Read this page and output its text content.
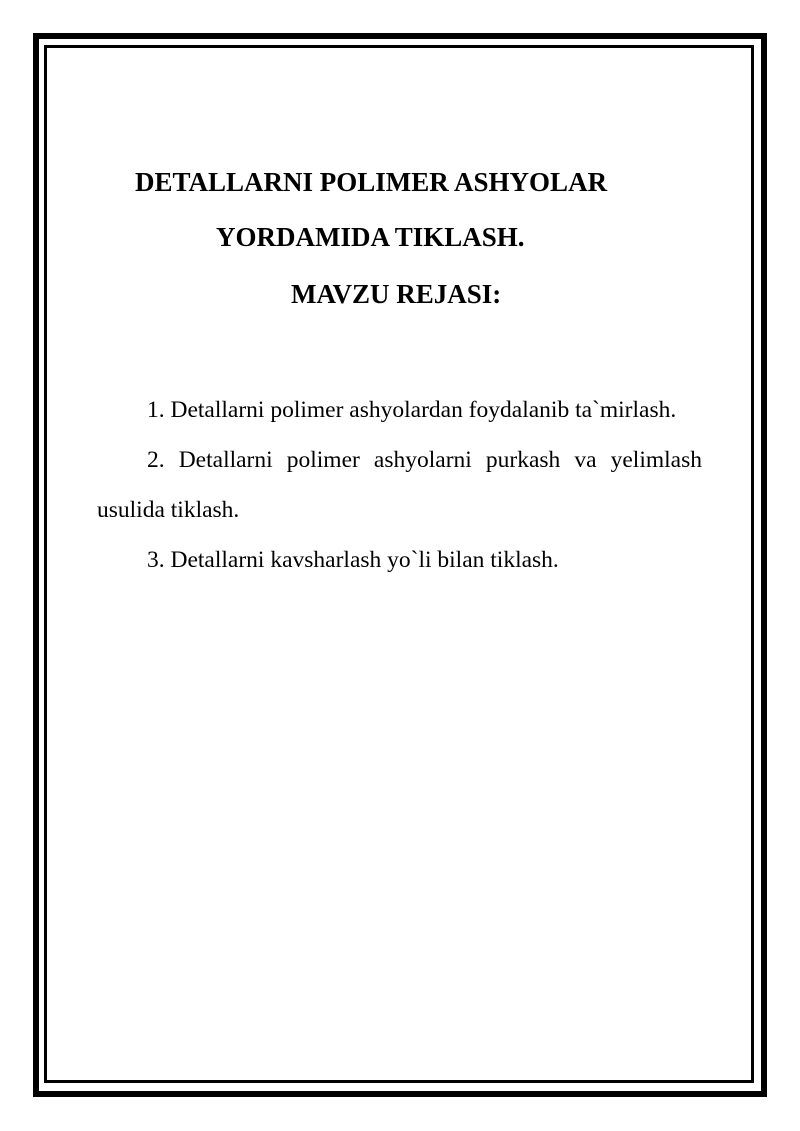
DETALLARNI POLIMER ASHYOLAR
YORDAMIDA TIKLASH.
MAVZU REJASI:

1. Detallarni polimer ashyolardan foydalanib ta`mirlash.

2. Detallarni polimer ashyolarni purkash va yelimlash usulida tiklash.

3. Detallarni kavsharlash yo`li bilan tiklash.
